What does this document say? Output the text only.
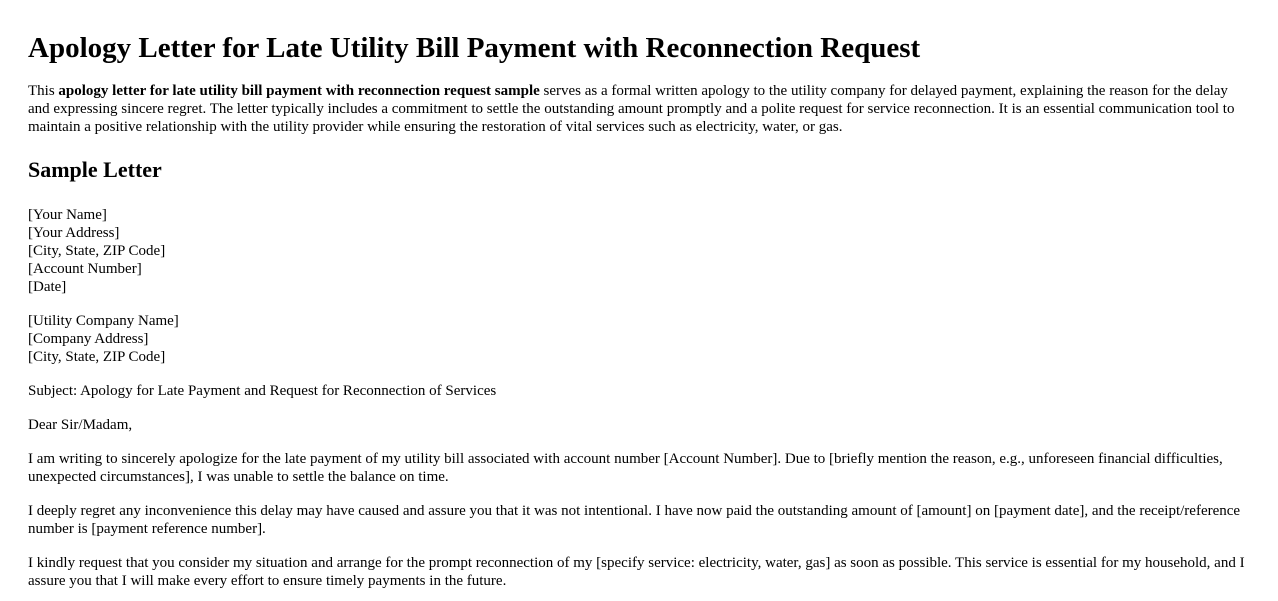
Apology Letter for Late Utility Bill Payment with Reconnection Request

This apology letter for late utility bill payment with reconnection request sample serves as a formal written apology to the utility company for delayed payment, explaining the reason for the delay and expressing sincere regret. The letter typically includes a commitment to settle the outstanding amount promptly and a polite request for service reconnection. It is an essential communication tool to maintain a positive relationship with the utility provider while ensuring the restoration of vital services such as electricity, water, or gas.

Sample Letter
[Your Name]
[Your Address]
[City, State, ZIP Code]
[Account Number]
[Date]
[Utility Company Name]
[Company Address]
[City, State, ZIP Code]

Subject: Apology for Late Payment and Request for Reconnection of Services

Dear Sir/Madam,

I am writing to sincerely apologize for the late payment of my utility bill associated with account number [Account Number]. Due to [briefly mention the reason, e.g., unforeseen financial difficulties, unexpected circumstances], I was unable to settle the balance on time.

I deeply regret any inconvenience this delay may have caused and assure you that it was not intentional. I have now paid the outstanding amount of [amount] on [payment date], and the receipt/reference number is [payment reference number].

I kindly request that you consider my situation and arrange for the prompt reconnection of my [specify service: electricity, water, gas] as soon as possible. This service is essential for my household, and I assure you that I will make every effort to ensure timely payments in the future.
